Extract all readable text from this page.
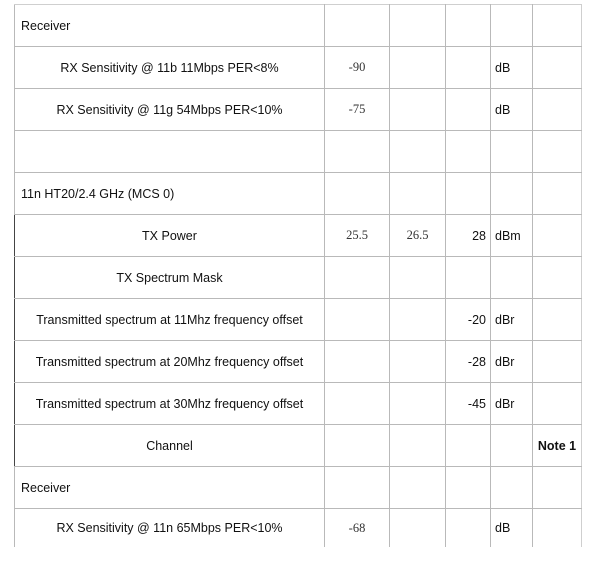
Receiver					
RX Sensitivity @ 11b 11Mbps PER<8%	-90			dB	
RX Sensitivity @ 11g 54Mbps PER<10%	-75			dB	

11n HT20/2.4 GHz (MCS 0)					
TX Power	25.5	26.5	28	dBm	
TX Spectrum Mask					
Transmitted spectrum at 11Mhz frequency offset			-20	dBr	
Transmitted spectrum at 20Mhz frequency offset			-28	dBr	
Transmitted spectrum at 30Mhz frequency offset			-45	dBr	
Channel					Note 1
Receiver					
RX Sensitivity @ 11n 65Mbps PER<10%	-68			dB	
